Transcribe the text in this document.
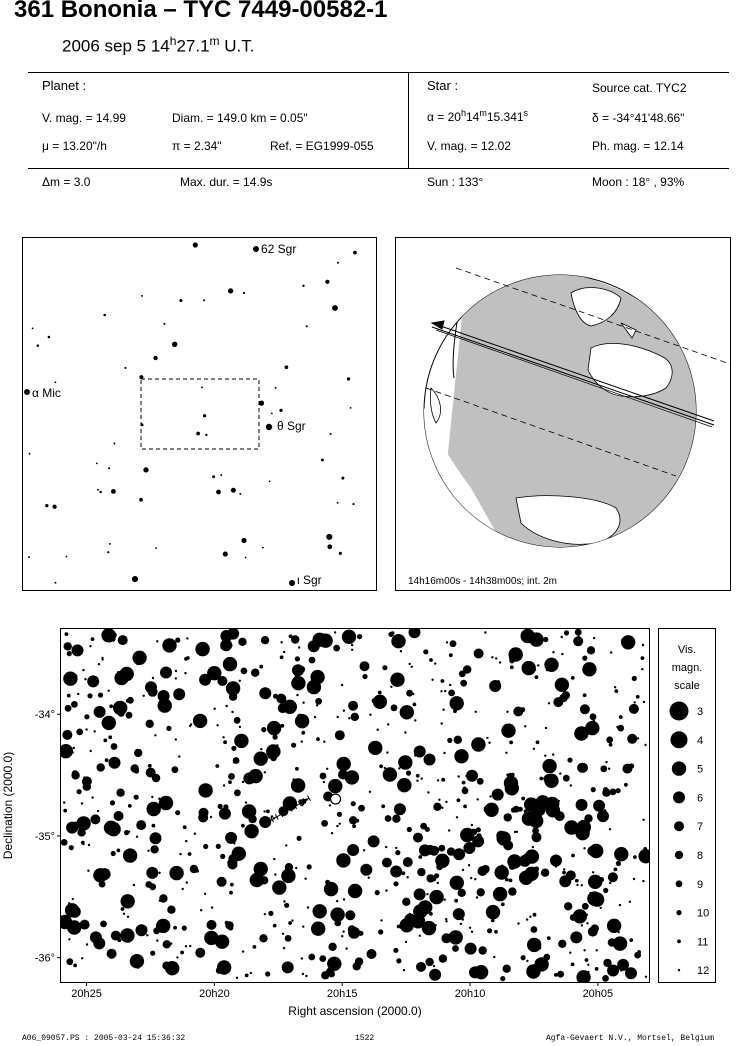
361 Bononia – TYC 7449-00582-1
2006 sep 5 14$^h$27.1$^m$ U.T.
Planet :
V. mag. = 14.99	Diam. = 149.0 km = 0.05"
μ = 13.20"/h	π = 2.34"	Ref. = EG1999-055
Star :	Source cat. TYC2
$\alpha = 20^h14^m15.341^s$	δ = -34°41'48.66"
V. mag. = 12.02	Ph. mag. = 12.14
Δm = 3.0	Max. dur. = 14.9s	Sun : 133°	Moon : 18° , 93%
62 Sgr
α Mic
θ Sgr
ι Sgr	14h16m00s - 14h38m00s; int. 2m
20h25	20h20	20h15	20h10	20h05
-34°
-35°
-36°
Right ascension (2000.0)
Declination (2000.0)
Vis.
magn.
scale
3
4
5
6
7
8
9
10
11
12
A06_09057.PS : 2005-03-24 15:36:32	1522	Agfa-Gevaert N.V., Mortsel, Belgium
